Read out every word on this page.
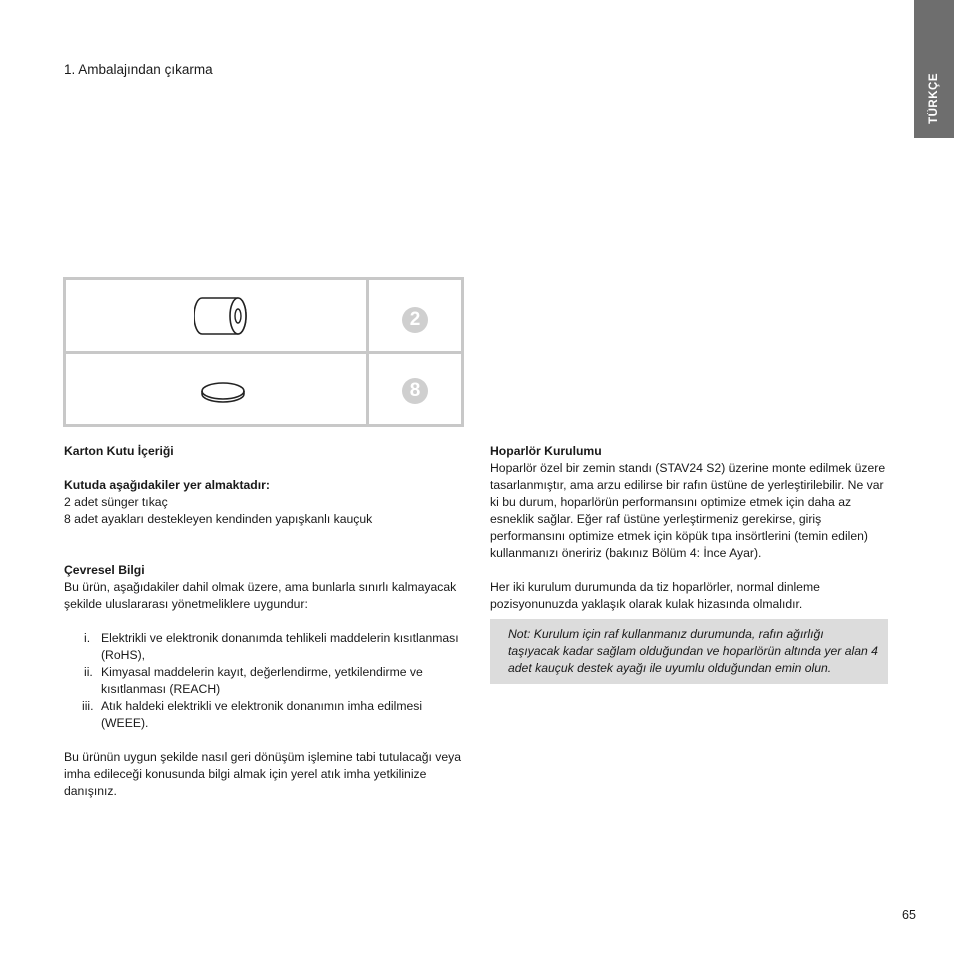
TÜRKÇE
1. Ambalajından çıkarma
2
8

Karton Kutu İçeriği

Kutuda aşağıdakiler yer almaktadır:

2 adet sünger tıkaç

8 adet ayakları destekleyen kendinden yapışkanlı kauçuk

Çevresel Bilgi

Bu ürün, aşağıdakiler dahil olmak üzere, ama bunlarla sınırlı kalmayacak şekilde uluslararası yönetmeliklere uygundur:

i. Elektrikli ve elektronik donanımda tehlikeli maddelerin kısıtlanması (RoHS),
ii. Kimyasal maddelerin kayıt, değerlendirme, yetkilendirme ve kısıtlanması (REACH)
iii. Atık haldeki elektrikli ve elektronik donanımın imha edilmesi (WEEE).

Bu ürünün uygun şekilde nasıl geri dönüşüm işlemine tabi tutulacağı veya imha edileceği konusunda bilgi almak için yerel atık imha yetkilinize danışınız.

Hoparlör Kurulumu

Hoparlör özel bir zemin standı (STAV24 S2) üzerine monte edilmek üzere tasarlanmıştır, ama arzu edilirse bir rafın üstüne de yerleştirilebilir. Ne var ki bu durum, hoparlörün performansını optimize etmek için daha az esneklik sağlar. Eğer raf üstüne yerleştirmeniz gerekirse, giriş performansını optimize etmek için köpük tıpa insörtlerini (temin edilen) kullanmanızı öneririz (bakınız Bölüm 4: İnce Ayar).

Her iki kurulum durumunda da tiz hoparlörler, normal dinleme pozisyonunuzda yaklaşık olarak kulak hizasında olmalıdır.

Not: Kurulum için raf kullanmanız durumunda, rafın ağırlığı taşıyacak kadar sağlam olduğundan ve hoparlörün altında yer alan 4 adet kauçuk destek ayağı ile uyumlu olduğundan emin olun.

65
